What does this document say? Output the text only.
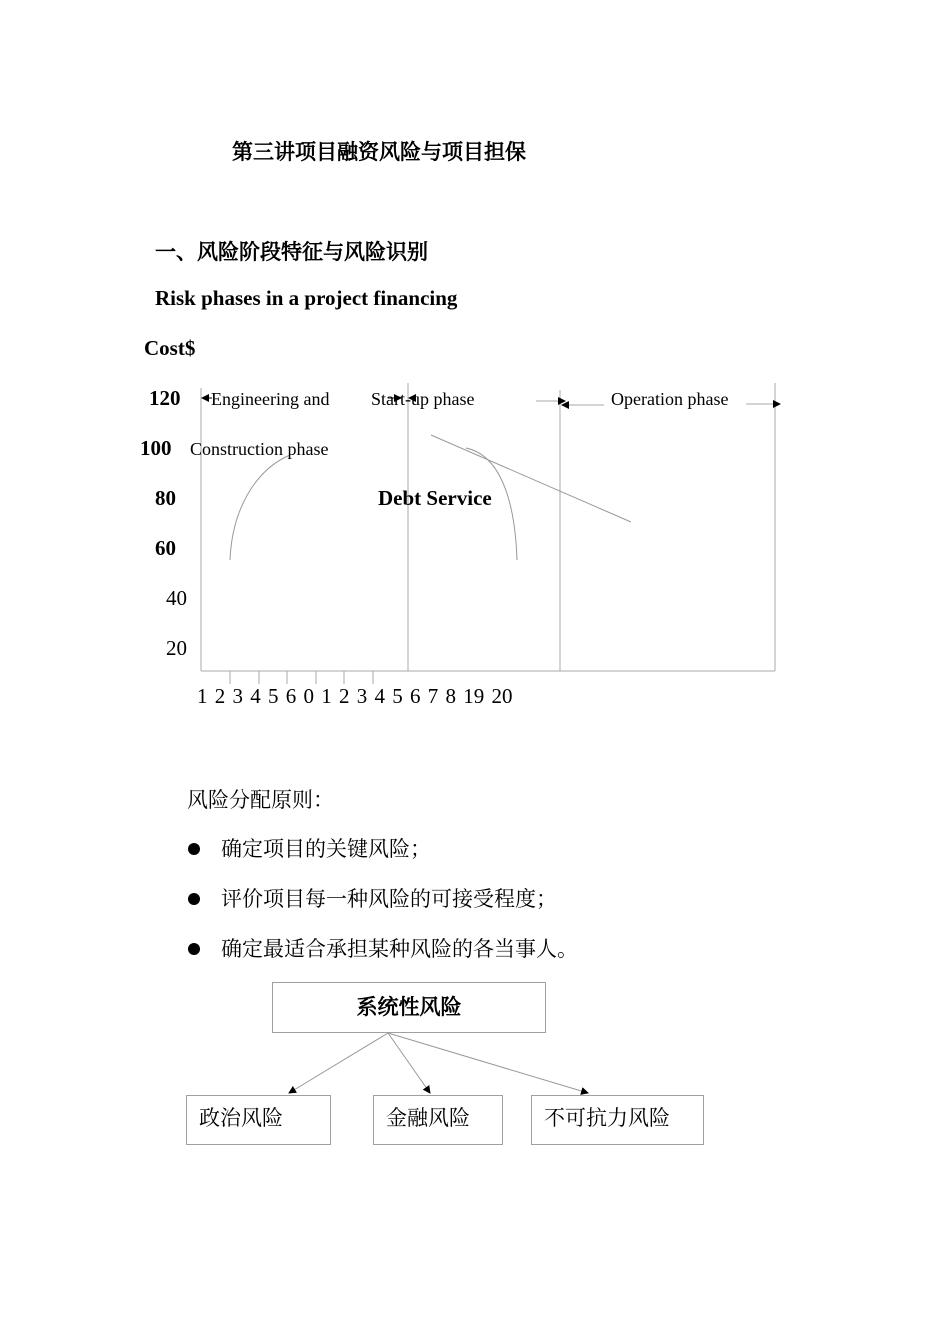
第三讲项目融资风险与项目担保
一、风险阶段特征与风险识别
Risk phases in a project financing
Cost$
120
100
80
60
40
20
Engineering and
Construction phase
Start-up phase	Operation phase
Debt Service
1 2 3 4 5 6 0 1 2 3 4 5 6 7 8 19 20
风险分配原则：
确定项目的关键风险；
评价项目每一种风险的可接受程度；
确定最适合承担某种风险的各当事人。
系统性风险
政治风险	金融风险	不可抗力风险
